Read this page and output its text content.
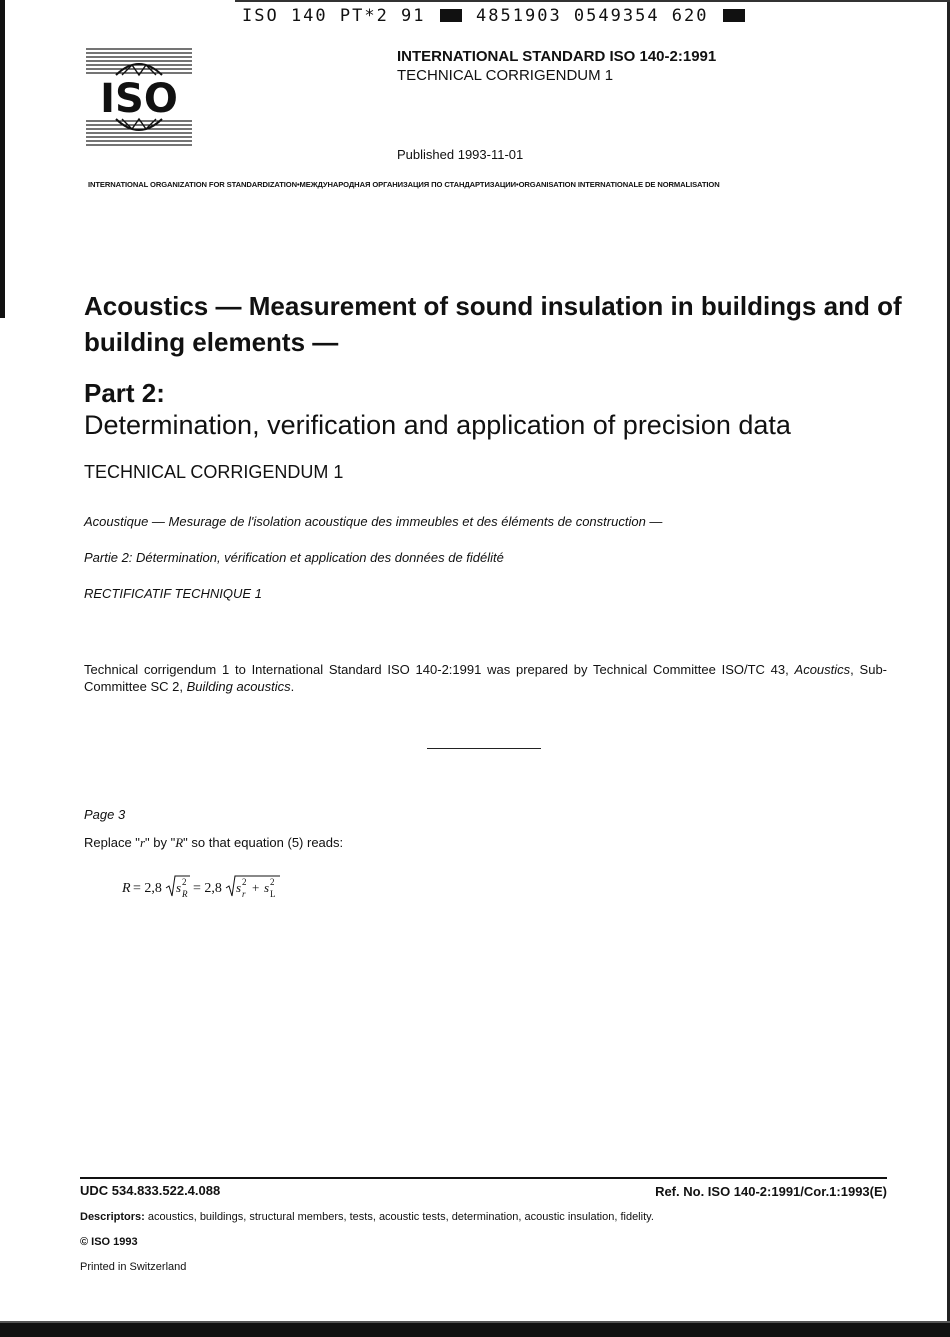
ISO 140 PT*2 91	4851903 0549354 620
ISO
INTERNATIONAL STANDARD ISO 140-2:1991
TECHNICAL CORRIGENDUM 1
Published 1993-11-01
INTERNATIONAL ORGANIZATION FOR STANDARDIZATION•МЕЖДУНАРОДНАЯ ОРГАНИЗАЦИЯ ПО СТАНДАРТИЗАЦИИ•ORGANISATION INTERNATIONALE DE NORMALISATION
Acoustics — Measurement of sound insulation in buildings and of building elements —
Part 2:
Determination, verification and application of precision data
TECHNICAL CORRIGENDUM 1
Acoustique — Mesurage de l'isolation acoustique des immeubles et des éléments de construction —
Partie 2: Détermination, vérification et application des données de fidélité
RECTIFICATIF TECHNIQUE 1
Technical corrigendum 1 to International Standard ISO 140-2:1991 was prepared by Technical Committee ISO/TC 43, Acoustics, Sub-Committee SC 2, Building acoustics.
Page 3
Replace "r" by "R" so that equation (5) reads:
R = 2,8 s 2
R = 2,8 s 2
r + s 2
L
UDC 534.833.522.4.088	Ref. No. ISO 140-2:1991/Cor.1:1993(E)
Descriptors: acoustics, buildings, structural members, tests, acoustic tests, determination, acoustic insulation, fidelity.
© ISO 1993
Printed in Switzerland
